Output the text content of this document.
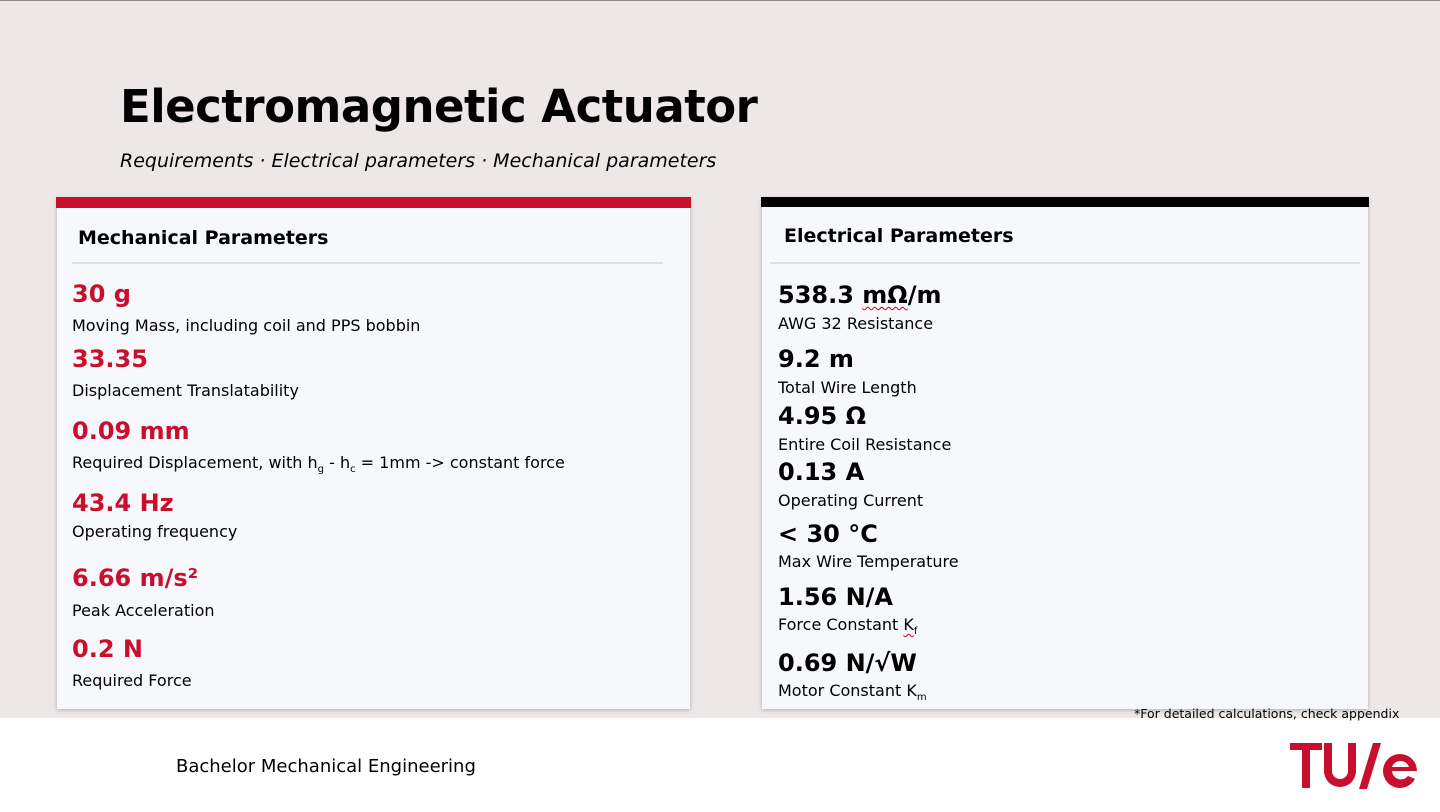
Electromagnetic Actuator
Requirements · Electrical parameters · Mechanical parameters
Mechanical Parameters
30 g
Moving Mass, including coil and PPS bobbin
33.35
Displacement Translatability
0.09 mm
Required Displacement, with $h_g - h_c = 1mm$ -> constant force
43.4 Hz
Operating frequency
6.66 m/s²
Peak Acceleration
0.2 N
Required Force
Electrical Parameters
538.3 mΩ/m
AWG 32 Resistance
9.2 m
Total Wire Length
4.95 Ω
Entire Coil Resistance
0.13 A
Operating Current
< 30 °C
Max Wire Temperature
1.56 N/A
Force Constant $K_f$
0.69 N/√W
Motor Constant $K_m$
*For detailed calculations, check appendix
Bachelor Mechanical Engineering
